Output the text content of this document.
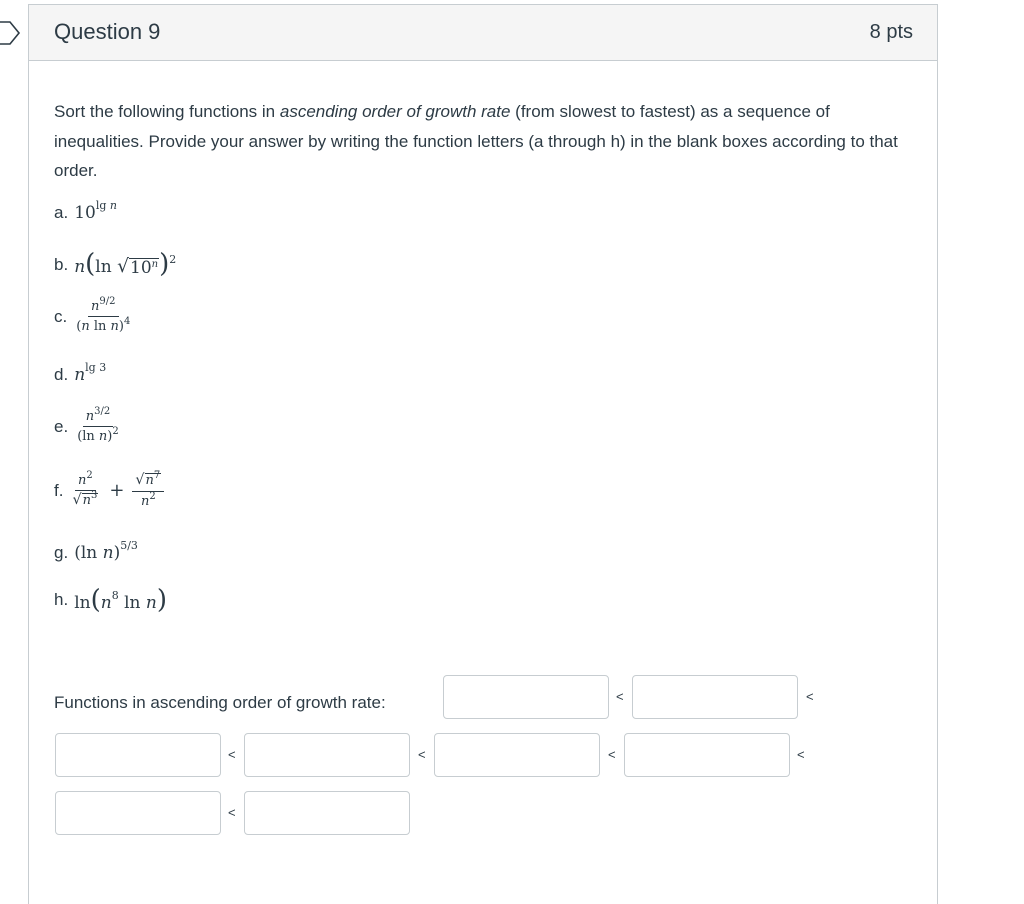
Question 9	8 pts

Sort the following functions in ascending order of growth rate (from slowest to fastest) as a sequence of inequalities. Provide your answer by writing the function letters (a through h) in the blank boxes according to that order.

a. $10^{lg n}$
b. n(ln √ 10$^n$ )$^2$
c. $\frac{n^{9/2}}{(n \ln n)^4}$
d. $n^{lg 3}$
e. $\frac{n^{3/2}}{(\ln n)^2}$
f. $\frac{n^2}{√ n^3} + \frac{√ n^7}{n^2}$
g. (ln n)$^{5/3}$
h. $\ln(n^8$ ln n)
Functions in ascending order of growth rate:	<	<
<	<	<	<
<
